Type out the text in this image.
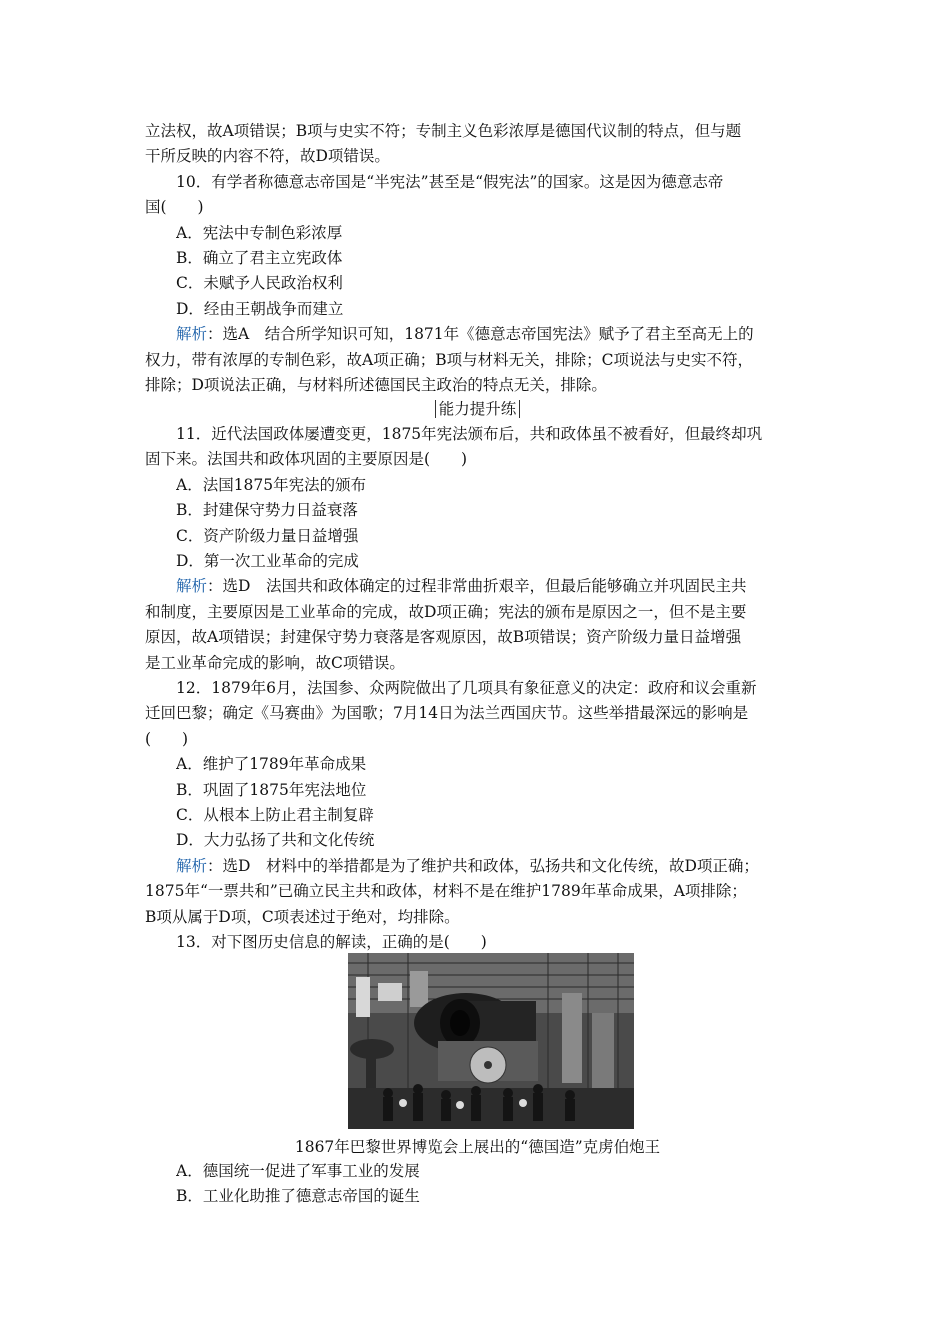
立法权，故A项错误；B项与史实不符；专制主义色彩浓厚是德国代议制的特点，但与题
干所反映的内容不符，故D项错误。
10．有学者称德意志帝国是“半宪法”甚至是“假宪法”的国家。这是因为德意志帝
国(　　)
A．宪法中专制色彩浓厚
B．确立了君主立宪政体
C．未赋予人民政治权利
D．经由王朝战争而建立
解析：选A　结合所学知识可知，1871年《德意志帝国宪法》赋予了君主至高无上的
权力，带有浓厚的专制色彩，故A项正确；B项与材料无关，排除；C项说法与史实不符，
排除；D项说法正确，与材料所述德国民主政治的特点无关，排除。
能力提升练
11．近代法国政体屡遭变更，1875年宪法颁布后，共和政体虽不被看好，但最终却巩
固下来。法国共和政体巩固的主要原因是(　　)
A．法国1875年宪法的颁布
B．封建保守势力日益衰落
C．资产阶级力量日益增强
D．第一次工业革命的完成
解析：选D　法国共和政体确定的过程非常曲折艰辛，但最后能够确立并巩固民主共
和制度，主要原因是工业革命的完成，故D项正确；宪法的颁布是原因之一，但不是主要
原因，故A项错误；封建保守势力衰落是客观原因，故B项错误；资产阶级力量日益增强
是工业革命完成的影响，故C项错误。
12．1879年6月，法国参、众两院做出了几项具有象征意义的决定：政府和议会重新
迁回巴黎；确定《马赛曲》为国歌；7月14日为法兰西国庆节。这些举措最深远的影响是
(　　)
A．维护了1789年革命成果
B．巩固了1875年宪法地位
C．从根本上防止君主制复辟
D．大力弘扬了共和文化传统
解析：选D　材料中的举措都是为了维护共和政体，弘扬共和文化传统，故D项正确；
1875年“一票共和”已确立民主共和政体，材料不是在维护1789年革命成果，A项排除；
B项从属于D项，C项表述过于绝对，均排除。
13．对下图历史信息的解读，正确的是(　　)
1867年巴黎世界博览会上展出的“德国造”克虏伯炮王
A．德国统一促进了军事工业的发展
B．工业化助推了德意志帝国的诞生
